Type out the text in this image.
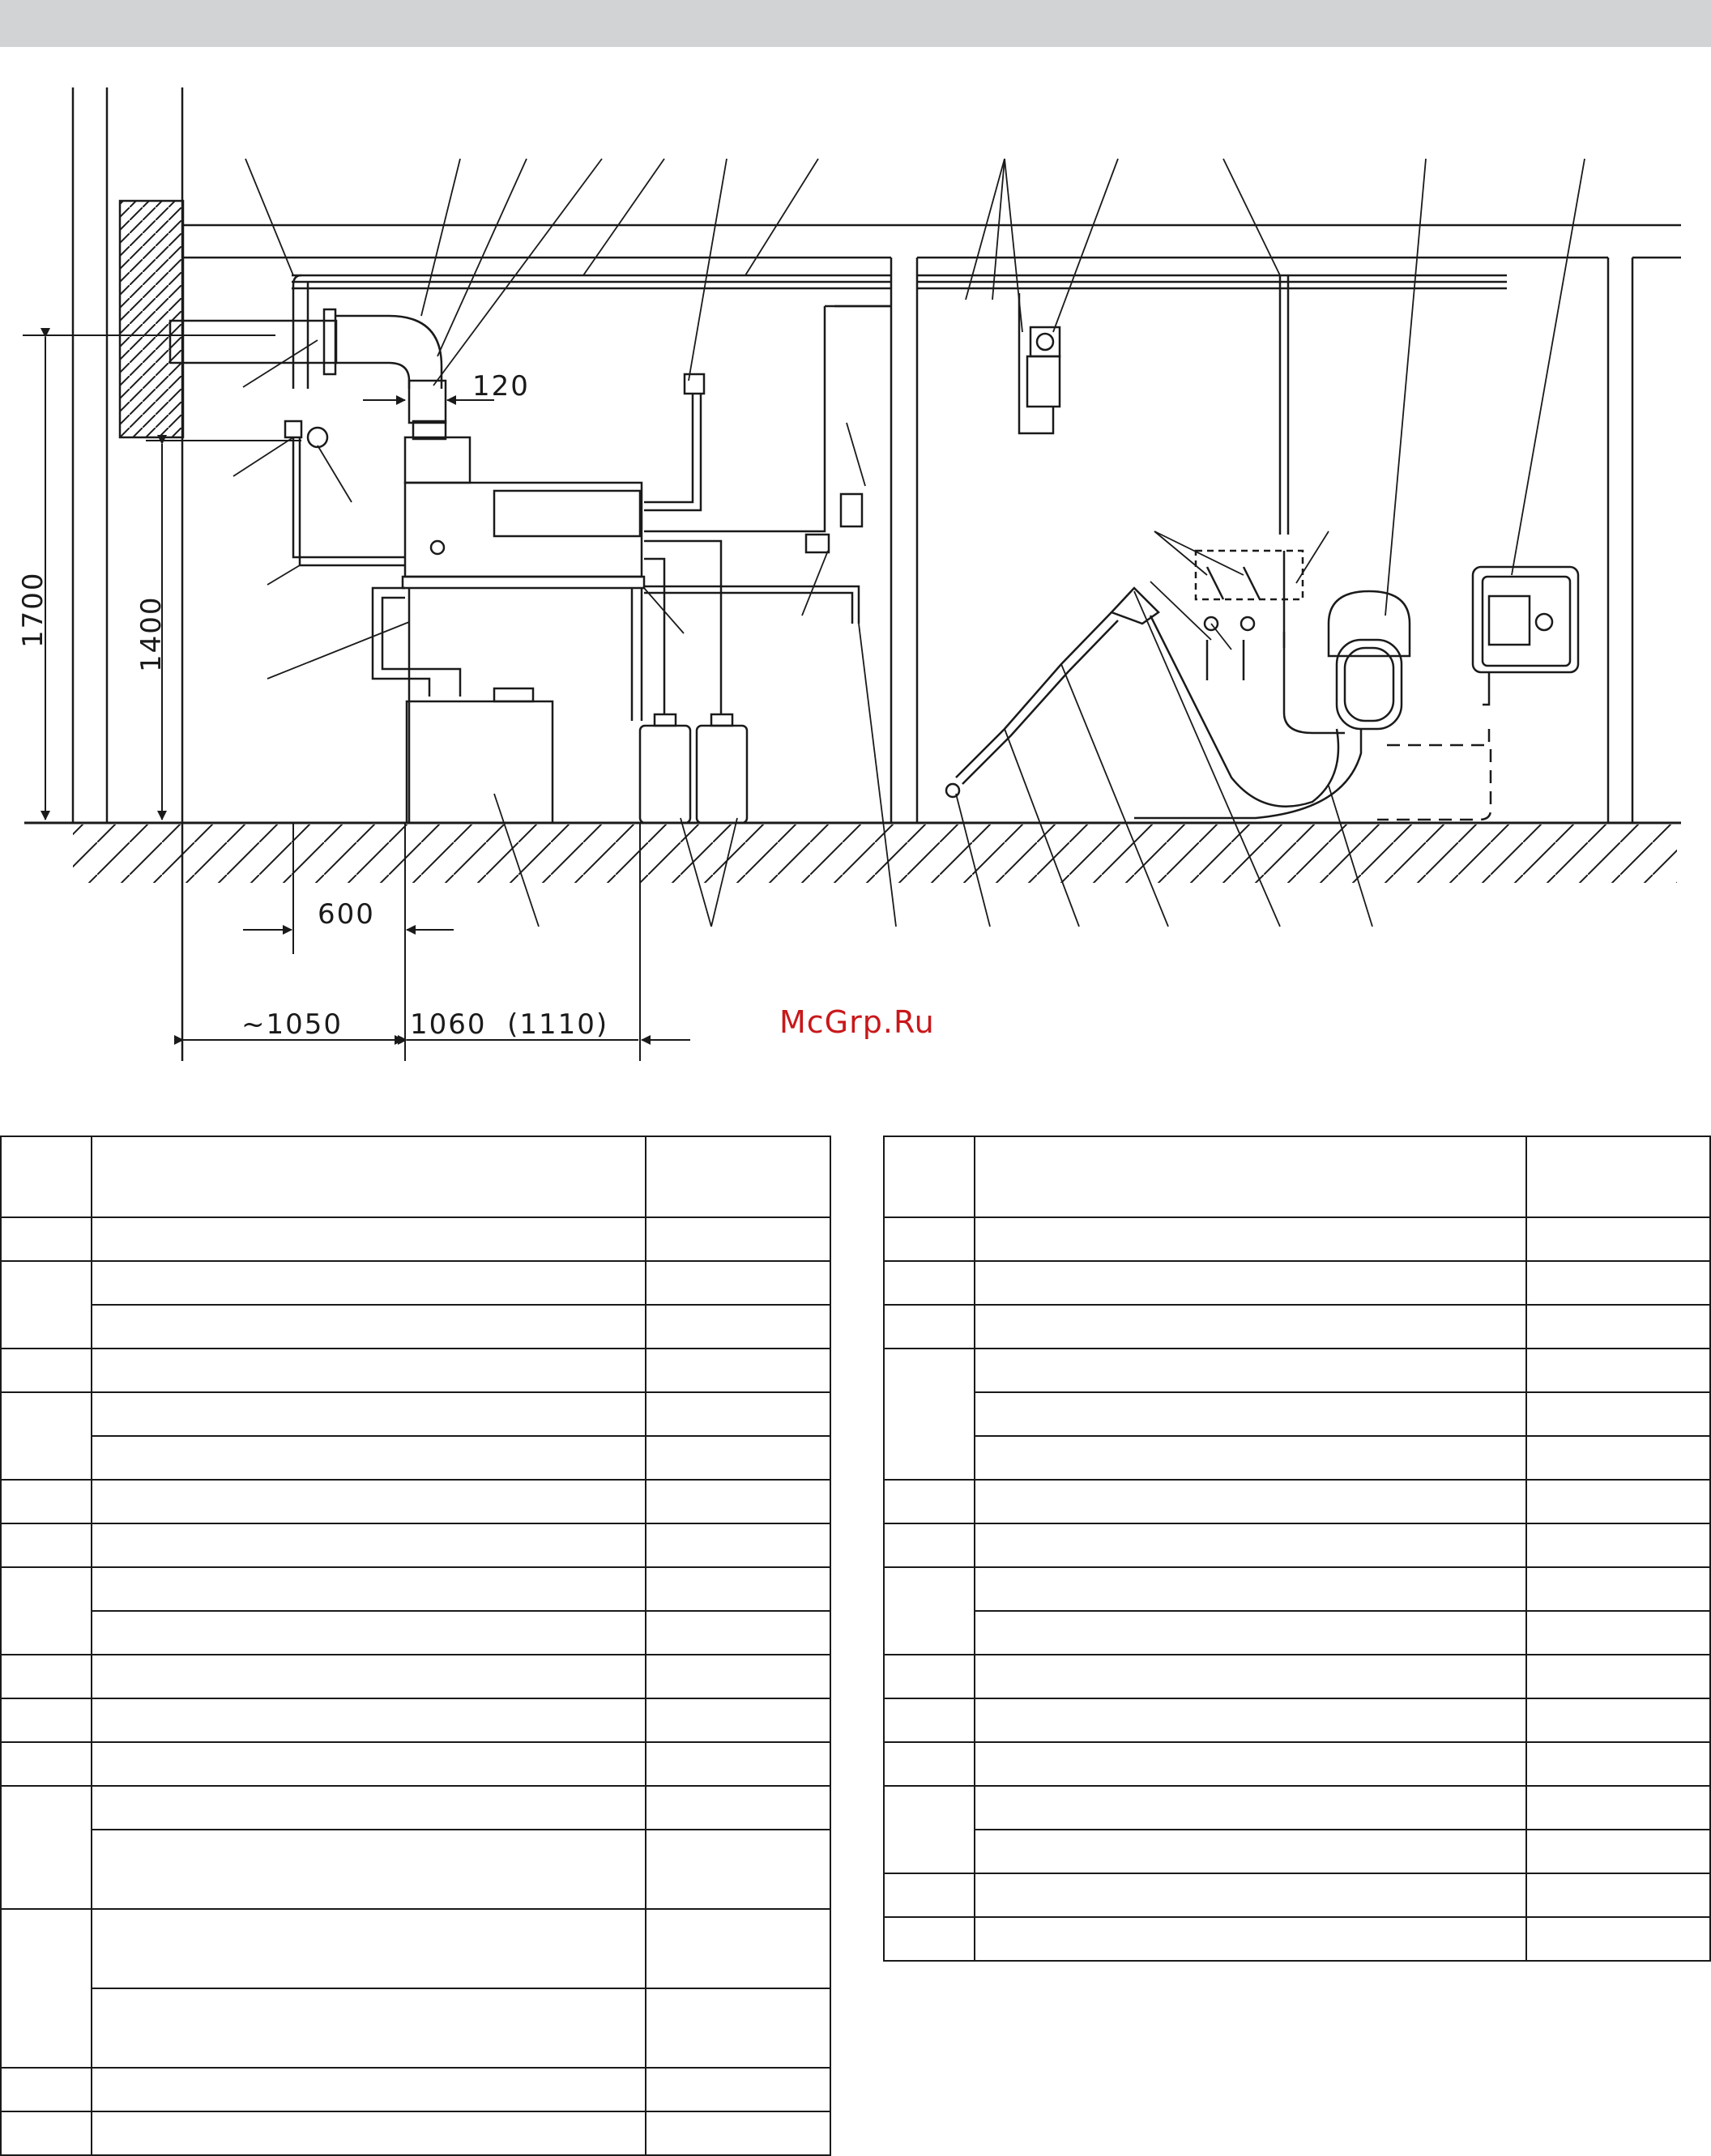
1700	1400
120
600
~1050 1060  (1110)	McGrp.Ru
